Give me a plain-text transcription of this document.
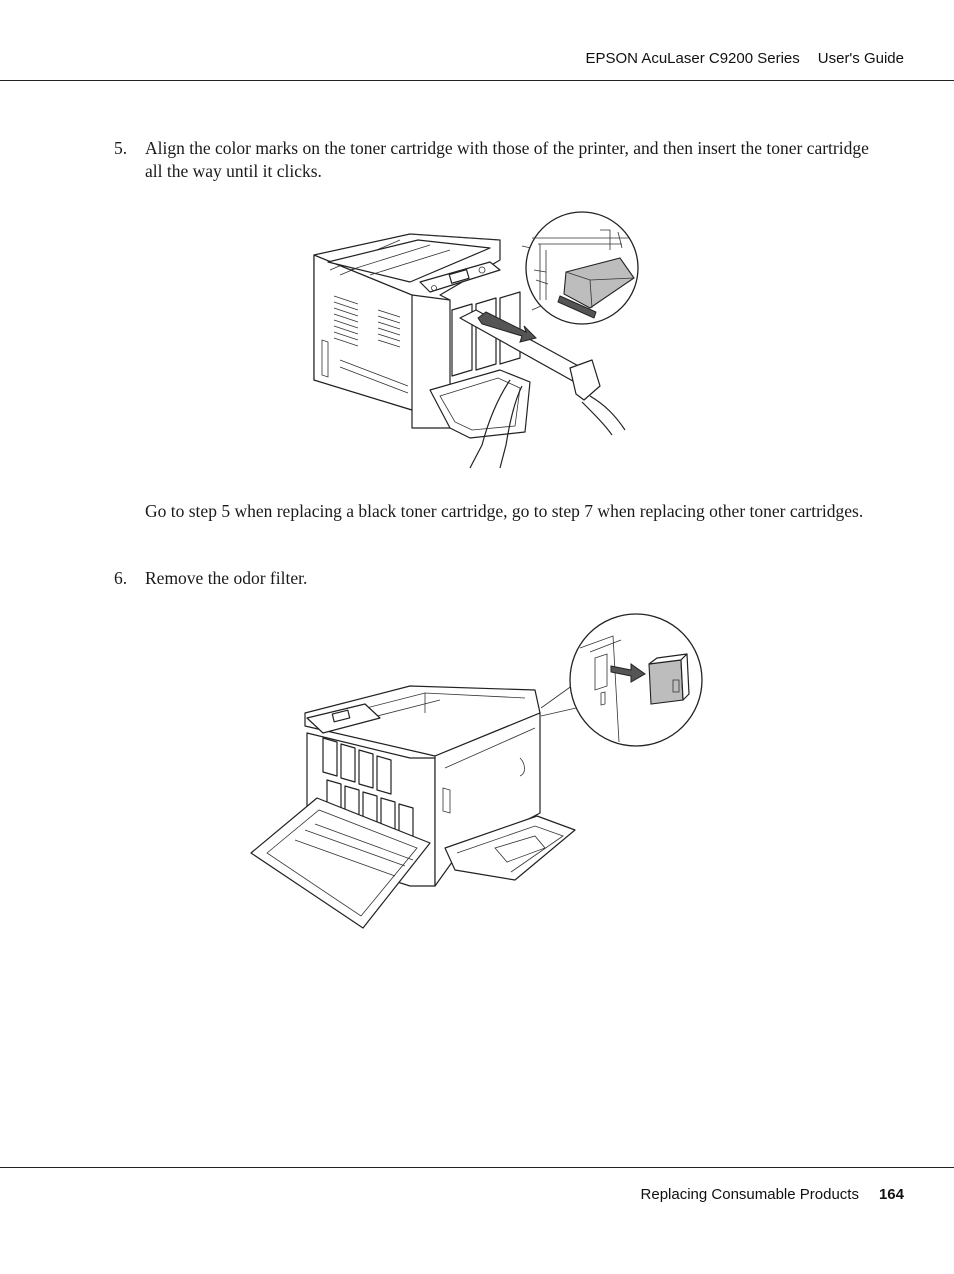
EPSON AcuLaser C9200 Series User's Guide
5. Align the color marks on the toner cartridge with those of the printer, and then insert the toner cartridge all the way until it clicks.
Go to step 5 when replacing a black toner cartridge, go to step 7 when replacing other toner cartridges.
6. Remove the odor filter.
Replacing Consumable Products 164
